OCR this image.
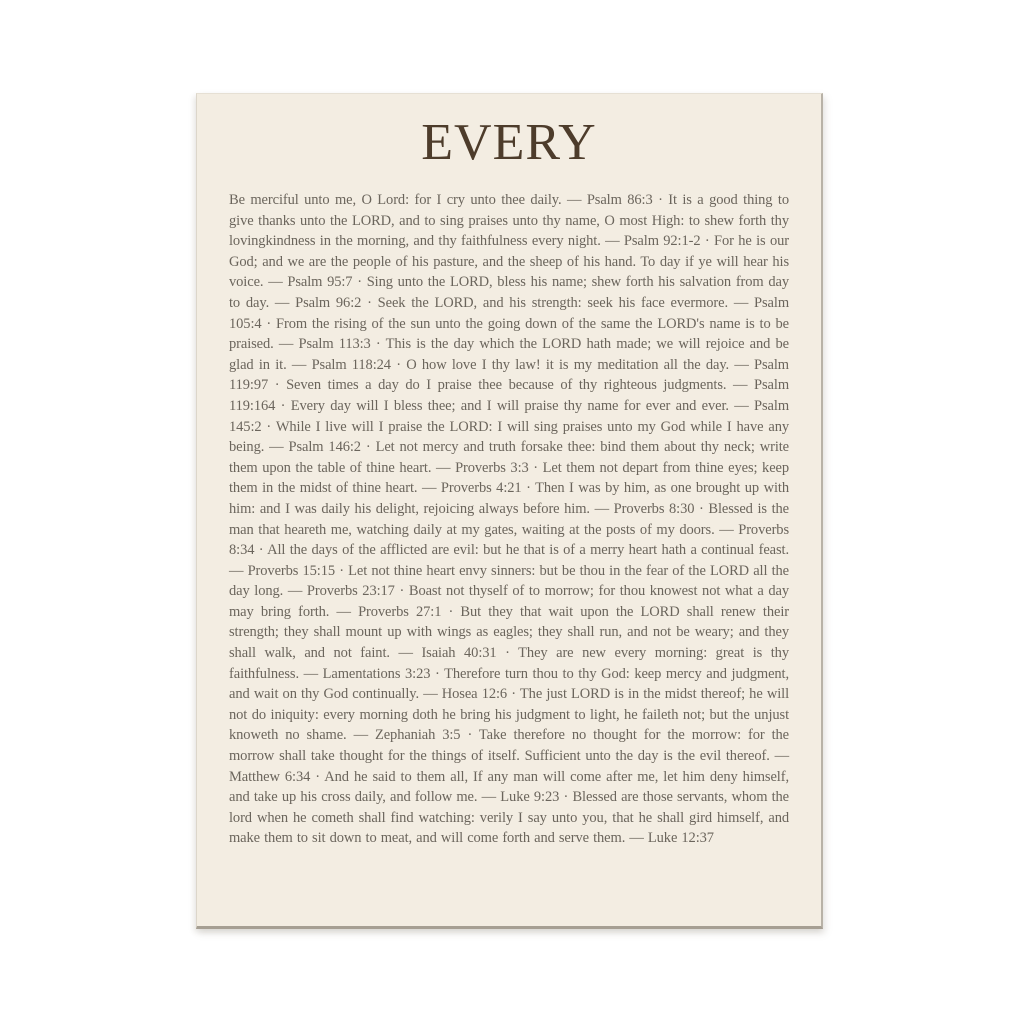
EVERY

Be merciful unto me, O Lord: for I cry unto thee daily. — Psalm 86:3 · It is a good thing to give thanks unto the LORD, and to sing praises unto thy name, O most High: to shew forth thy lovingkindness in the morning, and thy faithfulness every night. — Psalm 92:1-2 · For he is our God; and we are the people of his pasture, and the sheep of his hand. To day if ye will hear his voice. — Psalm 95:7 · Sing unto the LORD, bless his name; shew forth his salvation from day to day. — Psalm 96:2 · Seek the LORD, and his strength: seek his face evermore. — Psalm 105:4 · From the rising of the sun unto the going down of the same the LORD's name is to be praised. — Psalm 113:3 · This is the day which the LORD hath made; we will rejoice and be glad in it. — Psalm 118:24 · O how love I thy law! it is my meditation all the day. — Psalm 119:97 · Seven times a day do I praise thee because of thy righteous judgments. — Psalm 119:164 · Every day will I bless thee; and I will praise thy name for ever and ever. — Psalm 145:2 · While I live will I praise the LORD: I will sing praises unto my God while I have any being. — Psalm 146:2 · Let not mercy and truth forsake thee: bind them about thy neck; write them upon the table of thine heart. — Proverbs 3:3 · Let them not depart from thine eyes; keep them in the midst of thine heart. — Proverbs 4:21 · Then I was by him, as one brought up with him: and I was daily his delight, rejoicing always before him. — Proverbs 8:30 · Blessed is the man that heareth me, watching daily at my gates, waiting at the posts of my doors. — Proverbs 8:34 · All the days of the afflicted are evil: but he that is of a merry heart hath a continual feast. — Proverbs 15:15 · Let not thine heart envy sinners: but be thou in the fear of the LORD all the day long. — Proverbs 23:17 · Boast not thyself of to morrow; for thou knowest not what a day may bring forth. — Proverbs 27:1 · But they that wait upon the LORD shall renew their strength; they shall mount up with wings as eagles; they shall run, and not be weary; and they shall walk, and not faint. — Isaiah 40:31 · They are new every morning: great is thy faithfulness. — Lamentations 3:23 · Therefore turn thou to thy God: keep mercy and judgment, and wait on thy God continually. — Hosea 12:6 · The just LORD is in the midst thereof; he will not do iniquity: every morning doth he bring his judgment to light, he faileth not; but the unjust knoweth no shame. — Zephaniah 3:5 · Take therefore no thought for the morrow: for the morrow shall take thought for the things of itself. Sufficient unto the day is the evil thereof. — Matthew 6:34 · And he said to them all, If any man will come after me, let him deny himself, and take up his cross daily, and follow me. — Luke 9:23 · Blessed are those servants, whom the lord when he cometh shall find watching: verily I say unto you, that he shall gird himself, and make them to sit down to meat, and will come forth and serve them. — Luke 12:37
